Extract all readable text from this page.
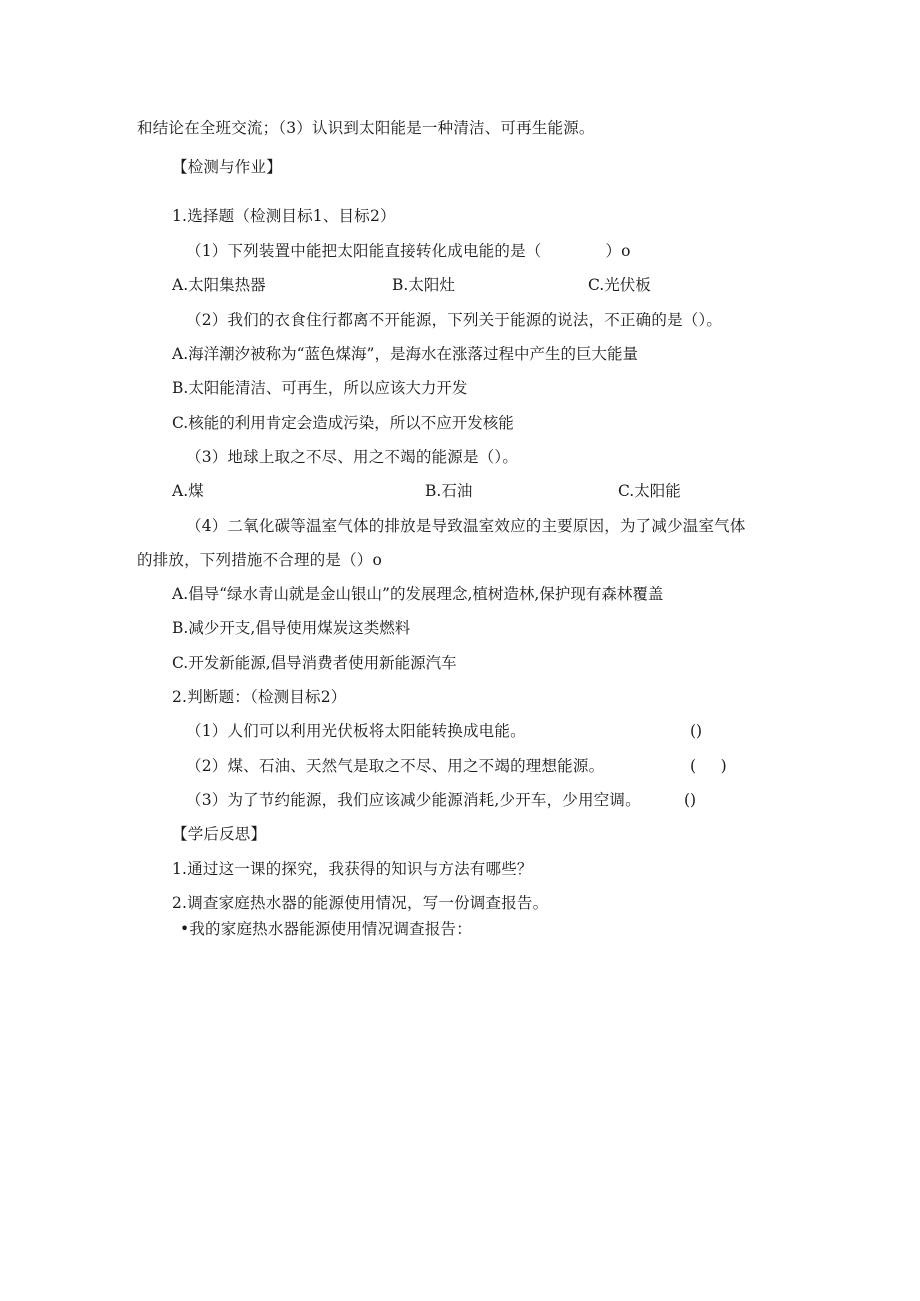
和结论在全班交流；（3）认识到太阳能是一种清洁、可再生能源。
【检测与作业】
1.选择题（检测目标1、目标2）
（1）下列装置中能把太阳能直接转化成电能的是（	）o
A.太阳集热器	B.太阳灶	C.光伏板
（2）我们的衣食住行都离不开能源，下列关于能源的说法，不正确的是（）。
A.海洋潮汐被称为“蓝色煤海”，是海水在涨落过程中产生的巨大能量
B.太阳能清洁、可再生，所以应该大力开发
C.核能的利用肯定会造成污染，所以不应开发核能
（3）地球上取之不尽、用之不竭的能源是（）。
A.煤	B.石油	C.太阳能
（4）二氧化碳等温室气体的排放是导致温室效应的主要原因，为了减少温室气体
的排放，下列措施不合理的是（）o
A.倡导“绿水青山就是金山银山”的发展理念,植树造林,保护现有森林覆盖
B.减少开支,倡导使用煤炭这类燃料
C.开发新能源,倡导消费者使用新能源汽车
2.判断题：（检测目标2）
（1）人们可以利用光伏板将太阳能转换成电能。	()
（2）煤、石油、天然气是取之不尽、用之不竭的理想能源。	(     )
（3）为了节约能源，我们应该减少能源消耗,少开车，少用空调。	()
【学后反思】
1.通过这一课的探究，我获得的知识与方法有哪些？
2.调查家庭热水器的能源使用情况，写一份调查报告。
•我的家庭热水器能源使用情况调查报告：
